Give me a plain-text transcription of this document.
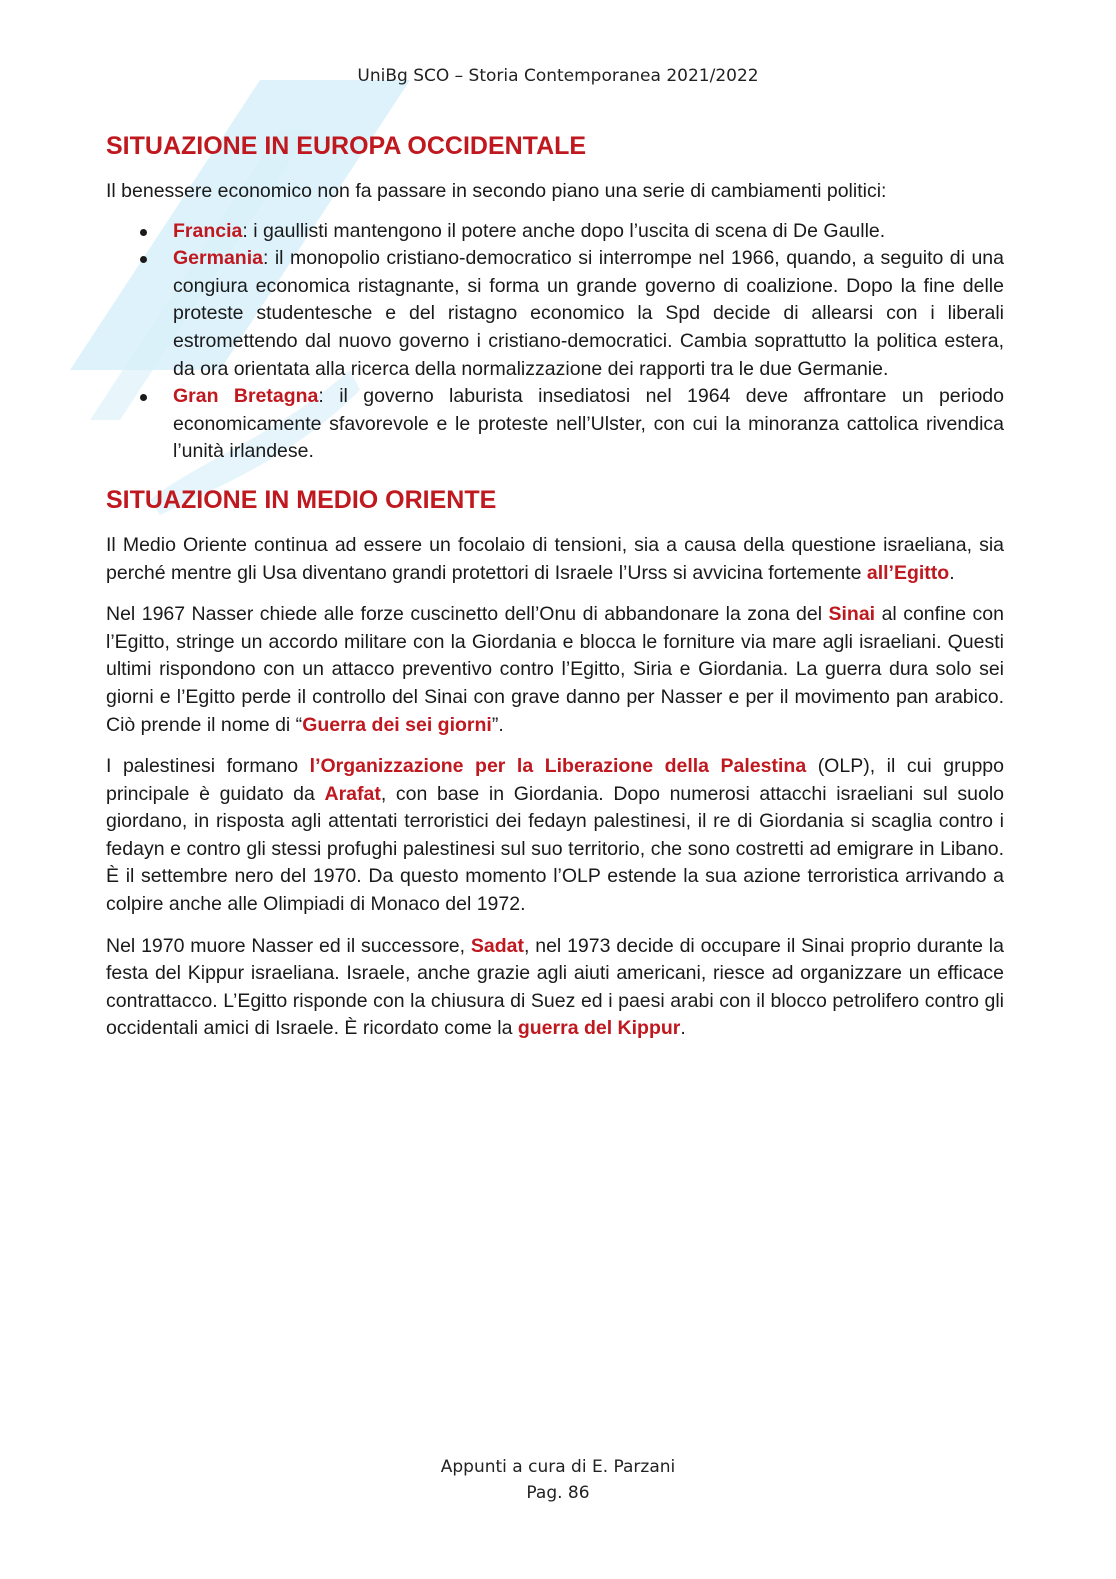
UniBg SCO – Storia Contemporanea 2021/2022
SITUAZIONE IN EUROPA OCCIDENTALE

Il benessere economico non fa passare in secondo piano una serie di cambiamenti politici:

Francia: i gaullisti mantengono il potere anche dopo l’uscita di scena di De Gaulle.
Germania: il monopolio cristiano-democratico si interrompe nel 1966, quando, a seguito di una congiura economica ristagnante, si forma un grande governo di coalizione. Dopo la fine delle proteste studentesche e del ristagno economico la Spd decide di allearsi con i liberali estromettendo dal nuovo governo i cristiano-democratici. Cambia soprattutto la politica estera, da ora orientata alla ricerca della normalizzazione dei rapporti tra le due Germanie.
Gran Bretagna: il governo laburista insediatosi nel 1964 deve affrontare un periodo economicamente sfavorevole e le proteste nell’Ulster, con cui la minoranza cattolica rivendica l’unità irlandese.
SITUAZIONE IN MEDIO ORIENTE

Il Medio Oriente continua ad essere un focolaio di tensioni, sia a causa della questione israeliana, sia perché mentre gli Usa diventano grandi protettori di Israele l’Urss si avvicina fortemente all’Egitto.

Nel 1967 Nasser chiede alle forze cuscinetto dell’Onu di abbandonare la zona del Sinai al confine con l’Egitto, stringe un accordo militare con la Giordania e blocca le forniture via mare agli israeliani. Questi ultimi rispondono con un attacco preventivo contro l’Egitto, Siria e Giordania. La guerra dura solo sei giorni e l’Egitto perde il controllo del Sinai con grave danno per Nasser e per il movimento pan arabico. Ciò prende il nome di “Guerra dei sei giorni”.

I palestinesi formano l’Organizzazione per la Liberazione della Palestina (OLP), il cui gruppo principale è guidato da Arafat, con base in Giordania. Dopo numerosi attacchi israeliani sul suolo giordano, in risposta agli attentati terroristici dei fedayn palestinesi, il re di Giordania si scaglia contro i fedayn e contro gli stessi profughi palestinesi sul suo territorio, che sono costretti ad emigrare in Libano. È il settembre nero del 1970. Da questo momento l’OLP estende la sua azione terroristica arrivando a colpire anche alle Olimpiadi di Monaco del 1972.

Nel 1970 muore Nasser ed il successore, Sadat, nel 1973 decide di occupare il Sinai proprio durante la festa del Kippur israeliana. Israele, anche grazie agli aiuti americani, riesce ad organizzare un efficace contrattacco. L’Egitto risponde con la chiusura di Suez ed i paesi arabi con il blocco petrolifero contro gli occidentali amici di Israele. È ricordato come la guerra del Kippur.

Appunti a cura di E. Parzani
Pag. 86
